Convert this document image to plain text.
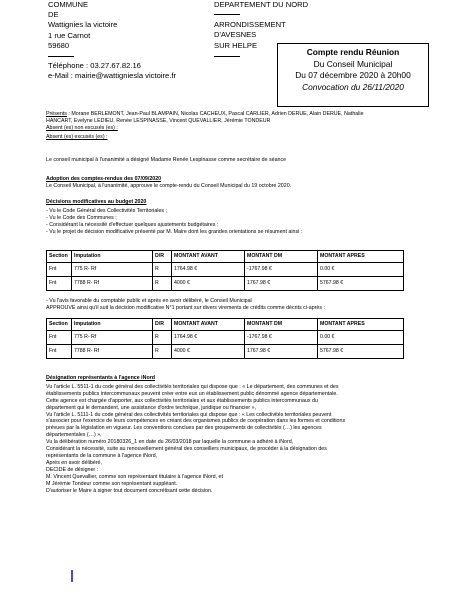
COMMUNE
DE
Wattignies la victoire
1 rue Carnot
59680
Téléphone : 03.27.67.82.16
e-Mail : mairie@wattigniesla victoire.fr
DEPARTEMENT DU NORD
ARRONDISSEMENT
D'AVESNES
SUR HELPE
Compte rendu Réunion
Du Conseil Municipal
Du 07 décembre 2020 à 20h00
Convocation du 26/11/2020
Présents : Morane BERLEMONT, Jean-Paul BLAMPAIN, Nicolas CACHEUX, Pascal CARLIER, Adrien DERUE, Alain DERUE, Nathalie
HANCART, Evelyne LEDIEU, Renée LESPINASSE, Vincent QUEVALLIER, Jérémie TONDEUR
Absent (es) non excusés (es) :
Absent (es) excusés (es) :
Le conseil municipal à l'unanimité a désigné Madame Renée Lespinasse comme secrétaire de séance
Adoption des comptes-rendus des 07/09/2020
Le Conseil Municipal, à l'unanimité, approuve le compte-rendu du Conseil Municipal du 19 octobre 2020.
Décisions modificatives au budget 2020
- Vu le Code Général des Collectivités Territoriales ;
- Vu le Code des Communes ;
- Considérant la nécessité d'effectuer quelques ajustements budgétaires ;
- Vu le projet de décision modificative présenté par M. Maire dont les grandes orientations se résument ainsi :
Section	Imputation	D/R	MONTANT AVANT	MONTANT DM	MONTANT APRES
Fnt	775 R- Rf	R	1764.98 €	-1767.98 €	0.00 €
Fnt	7788 R- Rf	R	4000 €	1767.98 €	5767.98 €
- Vu l'avis favorable du comptable public et après en avoir délibéré, le Conseil Municipal
APPROUVE ainsi qu'il suit la décision modificative N°1 portant sur divers virements de crédits comme décrits ci-après :
Section	Imputation	D/R	MONTANT AVANT	MONTANT DM	MONTANT APRES
Fnt	775 R- Rf	R	1764.98 €	-1767.98 €	0.00 €
Fnt	7788 R- Rf	R	4000 €	1767.98 €	5767.98 €
Désignation représentants à l'agence iNord
Vu l'article L. 5511-1 du code général des collectivités territoriales qui dispose que : « Le département, des communes et des
établissements publics intercommunaux peuvent créer entre eux un établissement public dénommé agence départementale.
Cette agence est chargée d'apporter, aux collectivités territoriales et aux établissements publics intercommunaux du
département qui le demandent, une assistance d'ordre technique, juridique ou financier »,
Vu l'article L. 5111-1 du code général des collectivités territoriales qui dispose que : « Les collectivités territoriales peuvent
s'associer pour l'exercice de leurs compétences en créant des organismes publics de coopération dans les formes et conditions
prévues par la législation en vigueur. Les conventions conclues par des groupements de collectivités (…) les agences
départementales (…) »,
Vu la délibération numéro 20180326_1 en date du 26/03/2018 par laquelle la commune a adhéré à iNord,
Considérant la nécessité, suite au renouvellement général des conseillers municipaux, de procéder à la désignation des
représentants de la commune à l'agence iNord,
Après en avoir délibéré,
DECIDE de désigner :
M. Vincent Quevallier, comme son représentant titulaire à l'agence iNord, et
M Jérémie Tondeur comme son représentant suppléant.
D'autoriser le Maire à signer tout document concrétisant cette décision.
